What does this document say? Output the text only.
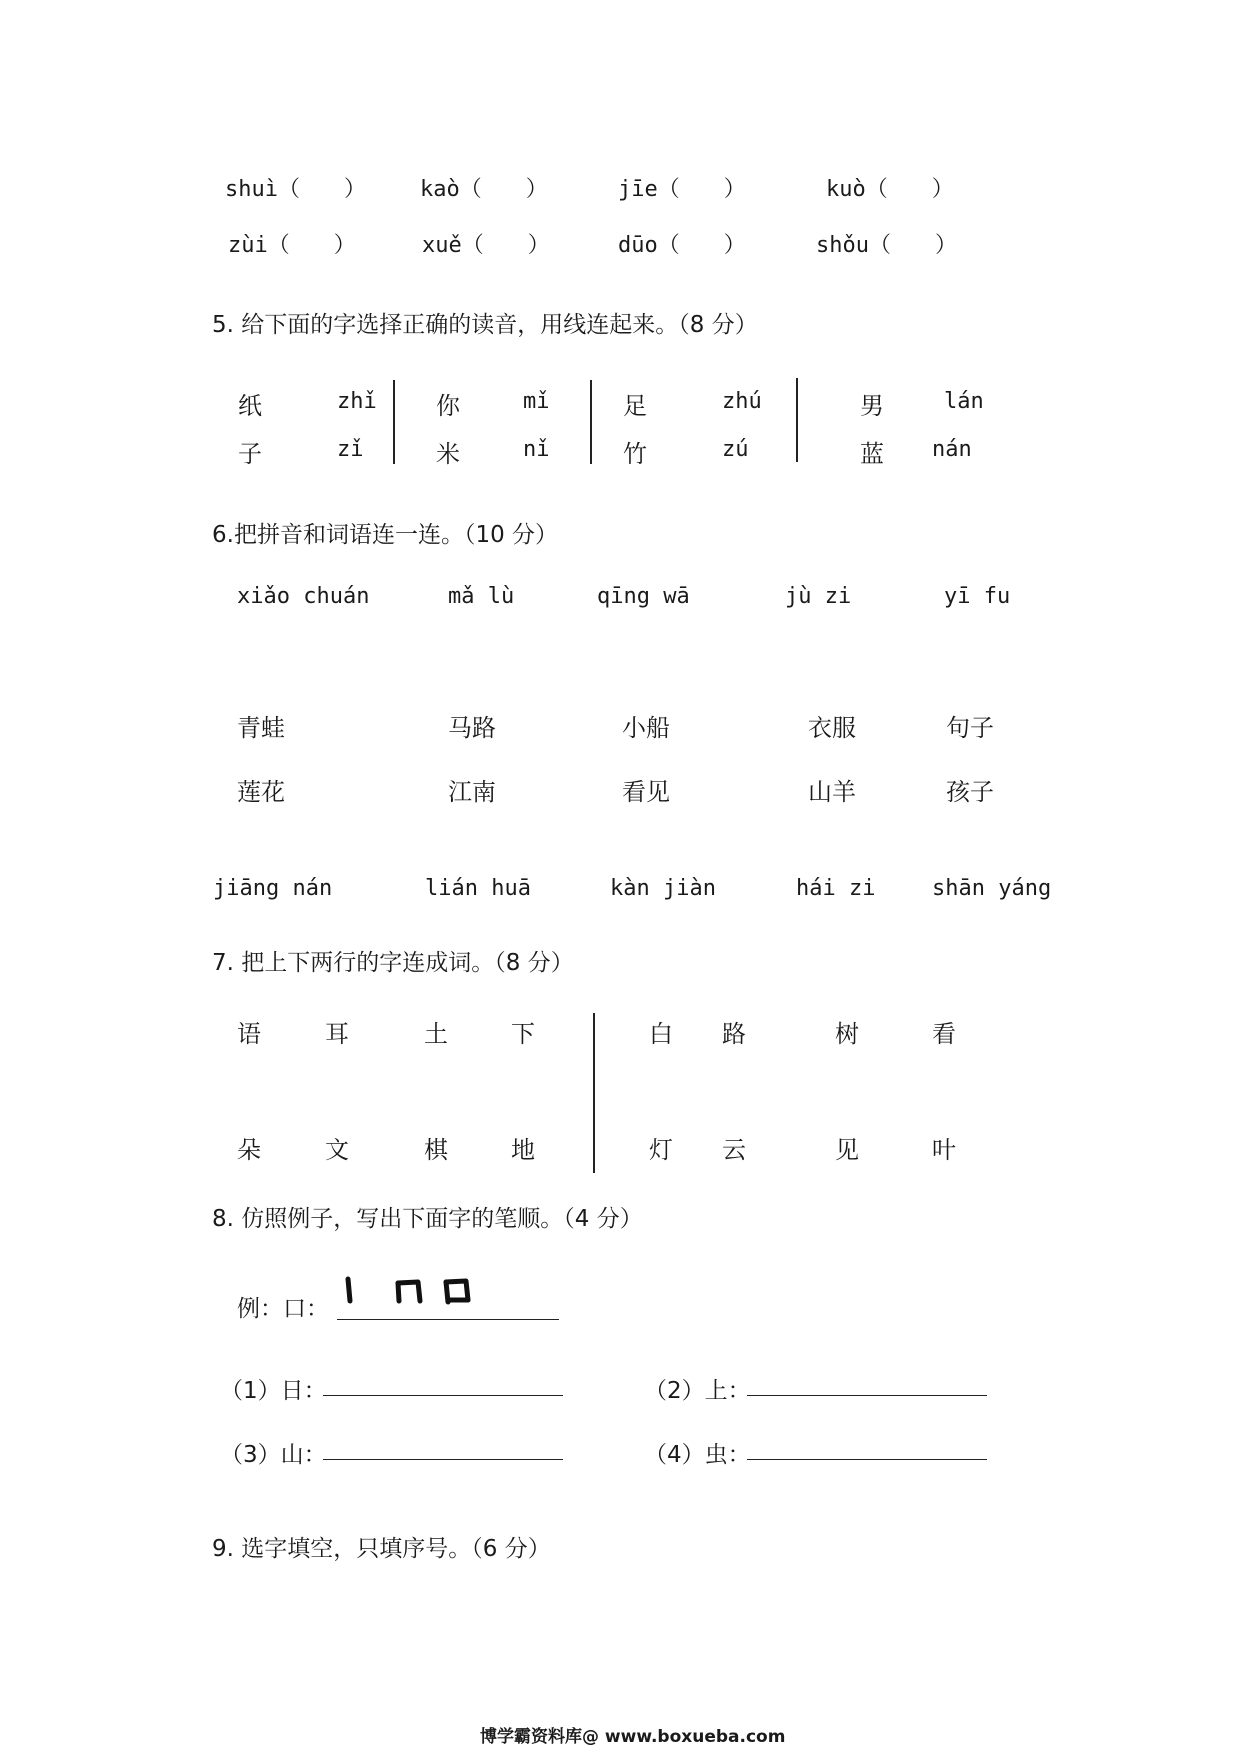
shuì（　　） kaò（　　）	jīe（　　）	kuò（　　）
zùi（　　）	xuě（　　）	dūo（　　）	shǒu（　　）
5. 给下面的字选择正确的读音，用线连起来。（8 分）
纸	zhǐ
子	zǐ
你	mǐ
米	nǐ
足	zhú
竹	zú
男	lán
蓝 nán
6.把拼音和词语连一连。（10 分）
xiǎo chuán	mǎ lù	qīng wā	jù zi	yī fu
青蛙	马路	小船	衣服	句子
莲花	江南	看见	山羊	孩子
jiāng nán	lián huā	kàn jiàn	hái zi	shān yáng
7. 把上下两行的字连成词。（8 分）
语	耳	土	下	白 路	树	看
朵	文	棋	地	灯 云	见	叶
8. 仿照例子，写出下面字的笔顺。（4 分）
例：口：
（1）日：	（2）上：
（3）山：	（4）虫：
9. 选字填空，只填序号。（6 分）
博学霸资料库@ www.boxueba.com
